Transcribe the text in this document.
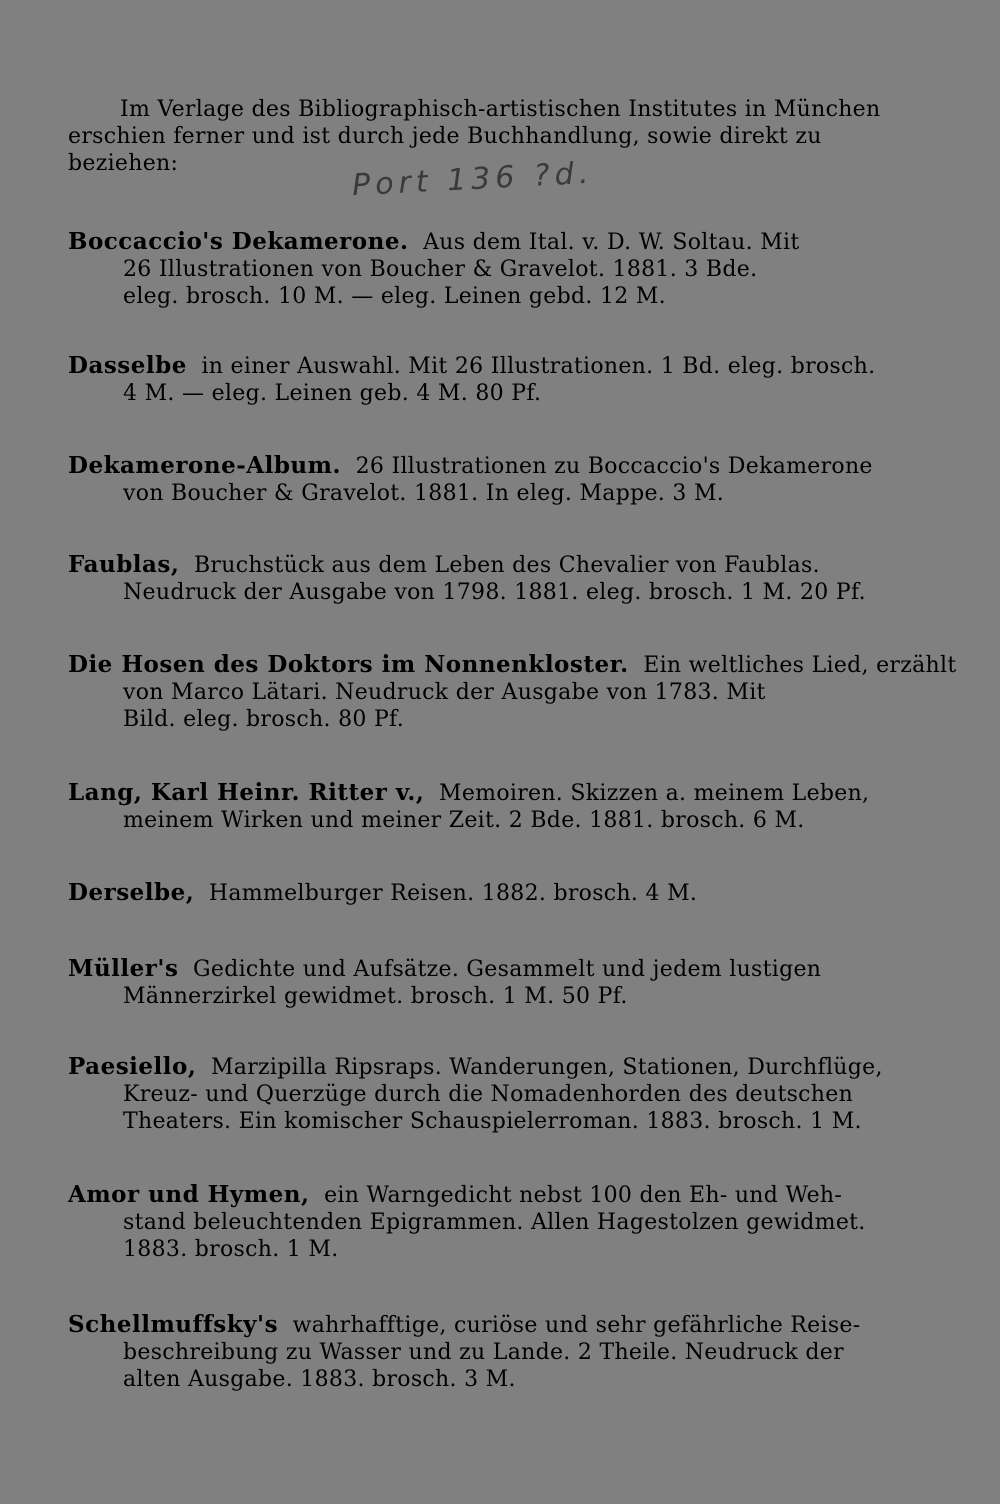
Im Verlage des Bibliographisch-artistischen Institutes in München
erschien ferner und ist durch jede Buchhandlung, sowie direkt zu
beziehen:	Port 136 ?d.
Boccaccio's Dekamerone. Aus dem Ital. v. D. W. Soltau. Mit
26 Illustrationen von Boucher & Gravelot. 1881. 3 Bde.
eleg. brosch. 10 M. — eleg. Leinen gebd. 12 M.
Dasselbe in einer Auswahl. Mit 26 Illustrationen. 1 Bd. eleg. brosch.
4 M. — eleg. Leinen geb. 4 M. 80 Pf.
Dekamerone-Album. 26 Illustrationen zu Boccaccio's Dekamerone
von Boucher & Gravelot. 1881. In eleg. Mappe. 3 M.
Faublas, Bruchstück aus dem Leben des Chevalier von Faublas.
Neudruck der Ausgabe von 1798. 1881. eleg. brosch. 1 M. 20 Pf.
Die Hosen des Doktors im Nonnenkloster. Ein weltliches Lied, erzählt
von Marco Lätari. Neudruck der Ausgabe von 1783. Mit
Bild. eleg. brosch. 80 Pf.
Lang, Karl Heinr. Ritter v., Memoiren. Skizzen a. meinem Leben,
meinem Wirken und meiner Zeit. 2 Bde. 1881. brosch. 6 M.
Derselbe, Hammelburger Reisen. 1882. brosch. 4 M.
Müller's Gedichte und Aufsätze. Gesammelt und jedem lustigen
Männerzirkel gewidmet. brosch. 1 M. 50 Pf.
Paesiello, Marzipilla Ripsraps. Wanderungen, Stationen, Durchflüge,
Kreuz- und Querzüge durch die Nomadenhorden des deutschen
Theaters. Ein komischer Schauspielerroman. 1883. brosch. 1 M.
Amor und Hymen, ein Warngedicht nebst 100 den Eh- und Weh-
stand beleuchtenden Epigrammen. Allen Hagestolzen gewidmet.
1883. brosch. 1 M.
Schellmuffsky's wahrhafftige, curiöse und sehr gefährliche Reise-
beschreibung zu Wasser und zu Lande. 2 Theile. Neudruck der
alten Ausgabe. 1883. brosch. 3 M.
